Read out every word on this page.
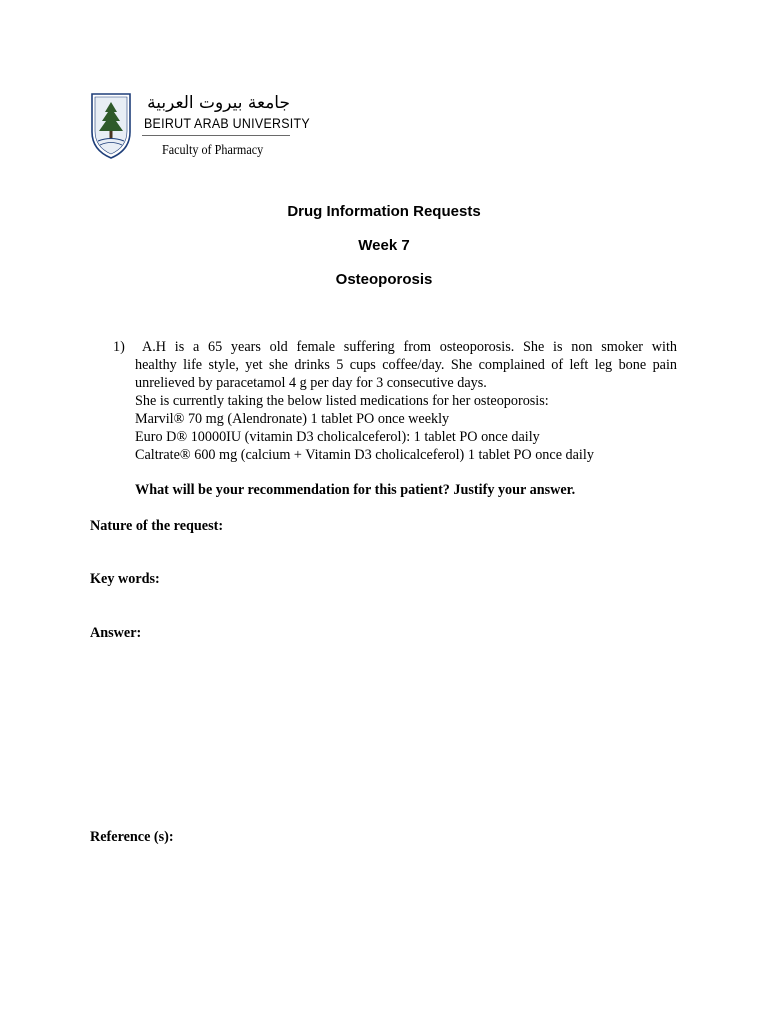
جامعة بيروت العربية
BEIRUT ARAB UNIVERSITY
Faculty of Pharmacy
Drug Information Requests
Week 7
Osteoporosis
1)	A.H is a 65 years old female suffering from osteoporosis. She is non smoker with

healthy life style, yet she drinks 5 cups coffee/day. She complained of left leg bone pain

unrelieved by paracetamol 4 g per day for 3 consecutive days.

She is currently taking the below listed medications for her osteoporosis:

Marvil® 70 mg (Alendronate) 1 tablet PO once weekly

Euro D® 10000IU (vitamin D3 cholicalceferol): 1 tablet PO once daily

Caltrate® 600 mg (calcium + Vitamin D3 cholicalceferol) 1 tablet PO once daily

What will be your recommendation for this patient? Justify your answer.
Nature of the request:
Key words:
Answer:
Reference (s):
